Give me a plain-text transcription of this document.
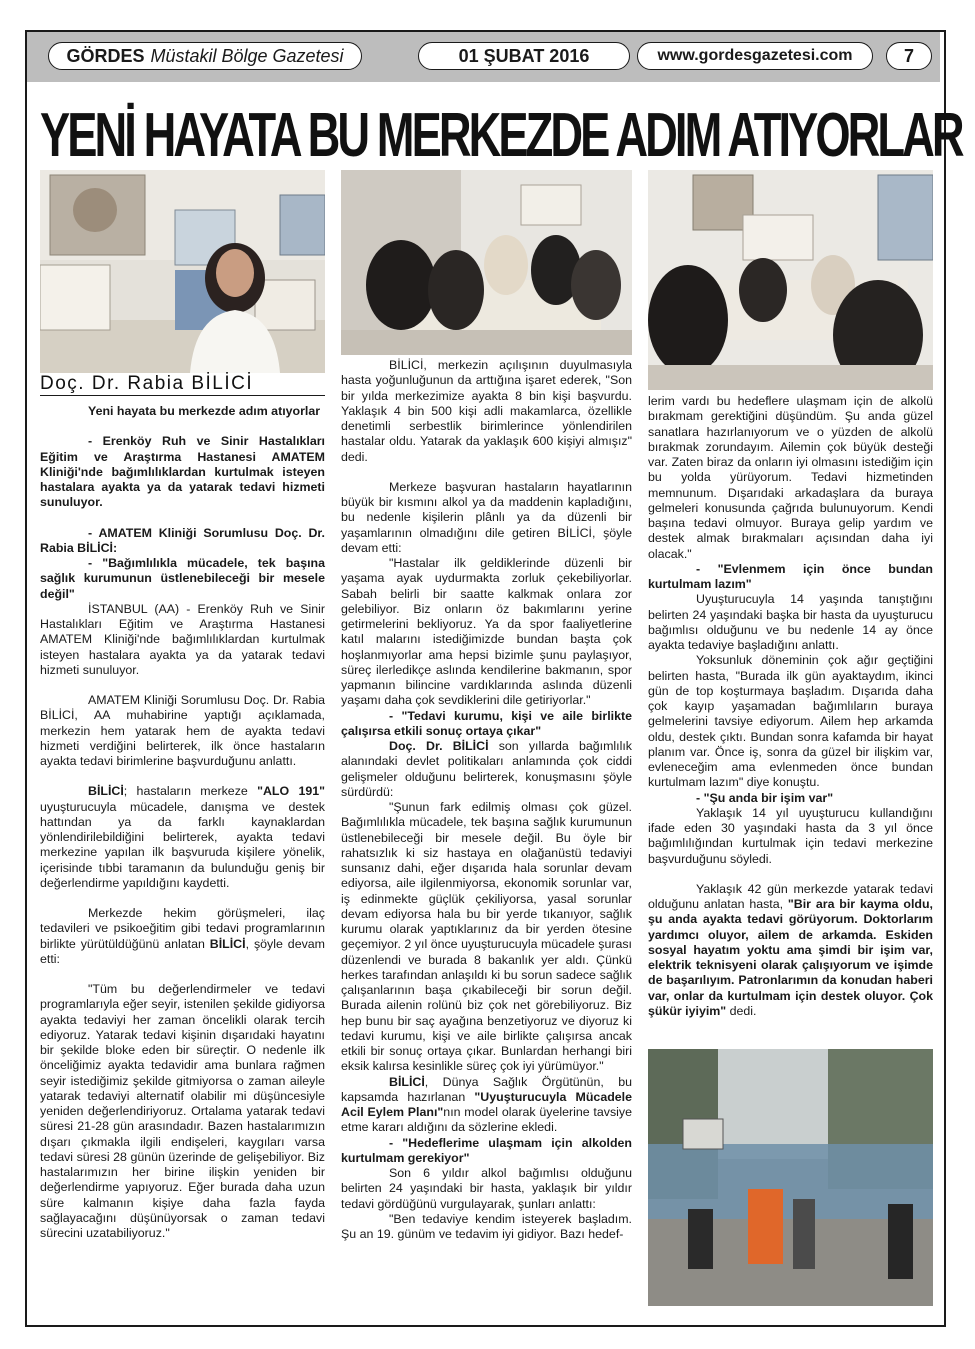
GÖRDES Müstakil Bölge Gazetesi	01 ŞUBAT 2016	www.gordesgazetesi.com	7
YENİ HAYATA BU MERKEZDE ADIM ATIYORLAR
Doç. Dr. Rabia BİLİCİ

Yeni hayata bu merkezde adım atıyorlar

- Erenköy Ruh ve Sinir Hastalıkları Eğitim ve Araştırma Hastanesi AMATEM Kliniği'nde bağımlılıklardan kurtulmak isteyen hastalara ayakta ya da yatarak tedavi hizmeti sunuluyor.

- AMATEM Kliniği Sorumlusu Doç. Dr. Rabia BİLİCİ:

- "Bağımlılıkla mücadele, tek başına sağlık kurumunun üstlenebileceği bir mesele değil"

İSTANBUL (AA) - Erenköy Ruh ve Sinir Hastalıkları Eğitim ve Araştırma Hastanesi AMATEM Kliniği'nde bağımlılıklardan kurtulmak isteyen hastalara ayakta ya da yatarak tedavi hizmeti sunuluyor.

AMATEM Kliniği Sorumlusu Doç. Dr. Rabia BİLİCİ, AA muhabirine yaptığı açıklamada, merkezin hem yatarak hem de ayakta tedavi hizmeti verdiğini belirterek, ilk önce hastaların ayakta tedavi birimlerine başvurduğunu anlattı.

BİLİCİ; hastaların merkeze "ALO 191" uyuşturucuyla mücadele, danışma ve destek hattından ya da farklı kaynaklardan yönlendirilebildiğini belirterek, ayakta tedavi merkezine yapılan ilk başvuruda kişilere yönelik, içerisinde tıbbi taramanın da bulunduğu geniş bir değerlendirme yapıldığını kaydetti.

Merkezde hekim görüşmeleri, ilaç tedavileri ve psikoeğitim gibi tedavi programlarının birlikte yürütüldüğünü anlatan BİLİCİ, şöyle devam etti:

"Tüm bu değerlendirmeler ve tedavi programlarıyla eğer seyir, istenilen şekilde gidiyorsa ayakta tedaviyi her zaman öncelikli olarak tercih ediyoruz. Yatarak tedavi kişinin dışarıdaki hayatını bir şekilde bloke eden bir süreçtir. O nedenle ilk önceliğimiz ayakta tedavidir ama bunlara rağmen seyir istediğimiz şekilde gitmiyorsa o zaman aileyle yatarak tedaviyi alternatif olabilir mi düşüncesiyle yeniden değerlendiriyoruz. Ortalama yatarak tedavi süresi 21-28 gün arasındadır. Bazen hastalarımızın dışarı çıkmakla ilgili endişeleri, kaygıları varsa tedavi süresi 28 günün üzerinde de gelişebiliyor. Biz hastalarımızın her birine ilişkin yeniden bir değerlendirme yapıyoruz. Eğer burada daha uzun süre kalmanın kişiye daha fazla fayda sağlayacağını düşünüyorsak o zaman tedavi sürecini uzatabiliyoruz."

BİLİCİ, merkezin açılışının duyulmasıyla hasta yoğunluğunun da arttığına işaret ederek, "Son bir yılda merkezimize ayakta 8 bin kişi başvurdu. Yaklaşık 4 bin 500 kişi adli makamlarca, özellikle denetimli serbestlik birimlerince yönlendirilen hastalar oldu. Yatarak da yaklaşık 600 kişiyi almışız" dedi.

Merkeze başvuran hastaların hayatlarının büyük bir kısmını alkol ya da maddenin kapladığını, bu nedenle kişilerin plânlı ya da düzenli bir yaşamlarının olmadığını dile getiren BİLİCİ, şöyle devam etti:

"Hastalar ilk geldiklerinde düzenli bir yaşama ayak uydurmakta zorluk çekebiliyorlar. Sabah belirli bir saatte kalkmak onlara zor gelebiliyor. Biz onların öz bakımlarını yerine getirmelerini bekliyoruz. Ya da spor faaliyetlerine katıl malarını istediğimizde bundan başta çok hoşlanmıyorlar ama hepsi bizimle şunu paylaşıyor, süreç ilerledikçe aslında kendilerine bakmanın, spor yapmanın bilincine vardıklarında aslında düzenli yaşamı daha çok sevdiklerini dile getiriyorlar."

- "Tedavi kurumu, kişi ve aile birlikte çalışırsa etkili sonuç ortaya çıkar"

Doç. Dr. BİLİCİ son yıllarda bağımlılık alanındaki devlet politikaları anlamında çok ciddi gelişmeler olduğunu belirterek, konuşmasını şöyle sürdürdü:

"Şunun fark edilmiş olması çok güzel. Bağımlılıkla mücadele, tek başına sağlık kurumunun üstlenebileceği bir mesele değil. Bu öyle bir rahatsızlık ki siz hastaya en olağanüstü tedaviyi sunsanız dahi, eğer dışarıda hala sorunlar devam ediyorsa, aile ilgilenmiyorsa, ekonomik sorunlar var, iş edinmekte güçlük çekiliyorsa, yasal sorunlar devam ediyorsa hala bu bir yerde tıkanıyor, sağlık kurumu olarak yaptıklarınız da bir yerden ötesine geçemiyor. 2 yıl önce uyuşturucuyla mücadele şurası düzenlendi ve burada 8 bakanlık yer aldı. Çünkü herkes tarafından anlaşıldı ki bu sorun sadece sağlık çalışanlarının başa çıkabileceği bir sorun değil. Burada ailenin rolünü biz çok net görebiliyoruz. Biz hep bunu bir saç ayağına benzetiyoruz ve diyoruz ki tedavi kurumu, kişi ve aile birlikte çalışırsa ancak etkili bir sonuç ortaya çıkar. Bunlardan herhangi biri eksik kalırsa kesinlikle süreç çok iyi yürümüyor."

BİLİCİ, Dünya Sağlık Örgütünün, bu kapsamda hazırlanan "Uyuşturucuyla Mücadele Acil Eylem Planı"nın model olarak üyelerine tavsiye etme kararı aldığını da sözlerine ekledi.

- "Hedeflerime ulaşmam için alkolden kurtulmam gerekiyor"

Son 6 yıldır alkol bağımlısı olduğunu belirten 24 yaşındaki bir hasta, yaklaşık bir yıldır tedavi gördüğünü vurgulayarak, şunları anlattı:

"Ben tedaviye kendim isteyerek başladım. Şu an 19. günüm ve tedavim iyi gidiyor. Bazı hedef-

lerim vardı bu hedeflere ulaşmam için de alkolü bırakmam gerektiğini düşündüm. Şu anda güzel sanatlara hazırlanıyorum ve o yüzden de alkolü bırakmak zorundayım. Ailemin çok büyük desteği var. Zaten biraz da onların iyi olmasını istediğim için bu yolda yürüyorum. Tedavi hizmetinden memnunum. Dışarıdaki arkadaşlara da buraya gelmeleri konusunda çağrıda bulunuyorum. Kendi başına tedavi olmuyor. Buraya gelip yardım ve destek almak bırakmaları açısından daha iyi olacak."

- "Evlenmem için önce bundan kurtulmam lazım"

Uyuşturucuyla 14 yaşında tanıştığını belirten 24 yaşındaki başka bir hasta da uyuşturucu bağımlısı olduğunu ve bu nedenle 14 ay önce ayakta tedaviye başladığını anlattı.

Yoksunluk döneminin çok ağır geçtiğini belirten hasta, "Burada ilk gün ayaktaydım, ikinci gün de top koşturmaya başladım. Dışarıda daha çok kayıp yaşamadan bağımlıların buraya gelmelerini tavsiye ediyorum. Ailem hep arkamda oldu, destek çıktı. Bundan sonra kafamda bir hayat planım var. Önce iş, sonra da güzel bir ilişkim var, evleneceğim ama evlenmeden önce bundan kurtulmam lazım" diye konuştu.

- "Şu anda bir işim var"

Yaklaşık 14 yıl uyuşturucu kullandığını ifade eden 30 yaşındaki hasta da 3 yıl önce bağımlılığından kurtulmak için tedavi merkezine başvurduğunu söyledi.

Yaklaşık 42 gün merkezde yatarak tedavi olduğunu anlatan hasta, "Bir ara bir kayma oldu, şu anda ayakta tedavi görüyorum. Doktorlarım yardımcı oluyor, ailem de arkamda. Eskiden sosyal hayatım yoktu ama şimdi bir işim var, elektrik teknisyeni olarak çalışıyorum ve işimde de başarılıyım. Patronlarımın da konudan haberi var, onlar da kurtulmam için destek oluyor. Çok şükür iyiyim" dedi.
